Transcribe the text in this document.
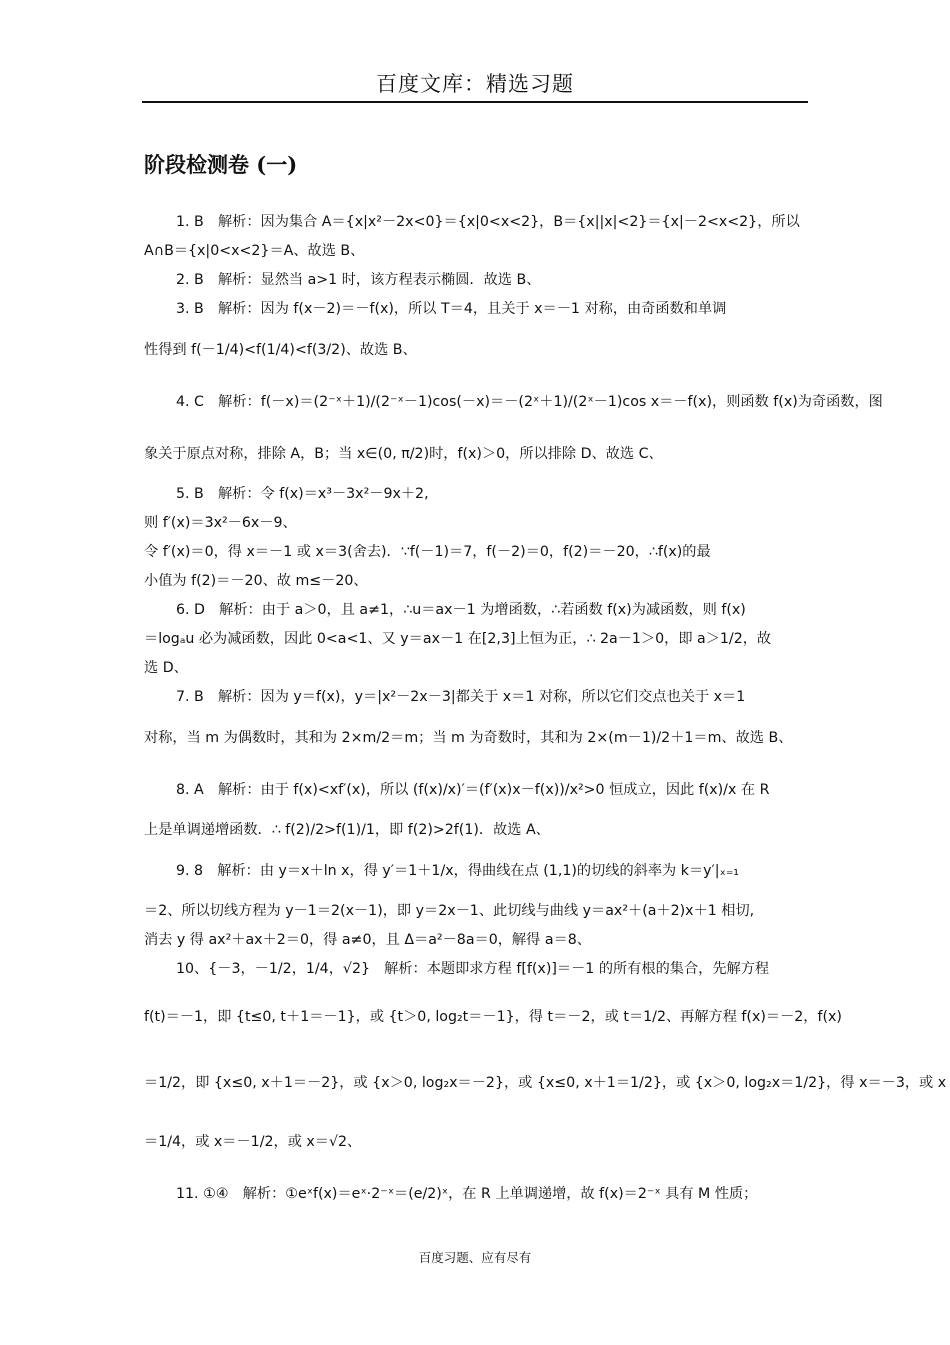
百度文库：精选习题
阶段检测卷 (一)
1. B　解析：因为集合 A＝{x|x²－2x<0}＝{x|0<x<2}，B＝{x||x|<2}＝{x|－2<x<2}，所以
A∩B＝{x|0<x<2}＝A、故选 B、
2. B　解析：显然当 a>1 时，该方程表示椭圆．故选 B、
3. B　解析：因为 f(x－2)＝－f(x)，所以 T＝4，且关于 x＝－1 对称，由奇函数和单调
性得到 f(－1/4)<f(1/4)<f(3/2)、故选 B、
4. C　解析：f(－x)＝(2⁻ˣ＋1)/(2⁻ˣ－1)cos(－x)＝－(2ˣ＋1)/(2ˣ－1)cos x＝－f(x)，则函数 f(x)为奇函数，图
象关于原点对称，排除 A，B；当 x∈(0, π/2)时，f(x)＞0，所以排除 D、故选 C、
5. B　解析：令 f(x)＝x³－3x²－9x＋2,
则 f′(x)＝3x²－6x－9、
令 f′(x)＝0，得 x＝－1 或 x＝3(舍去)．∵f(－1)＝7，f(－2)＝0，f(2)＝－20，∴f(x)的最
小值为 f(2)＝－20、故 m≤－20、
6. D　解析：由于 a＞0，且 a≠1，∴u＝ax－1 为增函数，∴若函数 f(x)为减函数，则 f(x)
＝logₐu 必为减函数，因此 0<a<1、又 y＝ax－1 在[2,3]上恒为正，∴ 2a－1＞0，即 a＞1/2，故
选 D、
7. B　解析：因为 y＝f(x)，y＝|x²－2x－3|都关于 x＝1 对称，所以它们交点也关于 x＝1
对称，当 m 为偶数时，其和为 2×m/2＝m；当 m 为奇数时，其和为 2×(m－1)/2＋1＝m、故选 B、
8. A　解析：由于 f(x)<xf′(x)，所以 (f(x)/x)′＝(f′(x)x－f(x))/x²>0 恒成立，因此 f(x)/x 在 R
上是单调递增函数．∴ f(2)/2>f(1)/1，即 f(2)>2f(1)．故选 A、
9. 8　解析：由 y＝x＋ln x，得 y′＝1＋1/x，得曲线在点 (1,1)的切线的斜率为 k＝y′|ₓ₌₁
＝2、所以切线方程为 y－1＝2(x－1)，即 y＝2x－1、此切线与曲线 y＝ax²＋(a＋2)x＋1 相切,
消去 y 得 ax²＋ax＋2＝0，得 a≠0，且 Δ＝a²－8a＝0，解得 a＝8、
10、{－3，－1/2，1/4，√2}　解析：本题即求方程 f[f(x)]＝－1 的所有根的集合，先解方程
f(t)＝－1，即 {t≤0, t＋1＝－1}，或 {t＞0, log₂t＝－1}，得 t＝－2，或 t＝1/2、再解方程 f(x)＝－2，f(x)
＝1/2，即 {x≤0, x＋1＝－2}，或 {x＞0, log₂x＝－2}，或 {x≤0, x＋1＝1/2}，或 {x＞0, log₂x＝1/2}，得 x＝－3，或 x
＝1/4，或 x＝－1/2，或 x＝√2、
11. ①④　解析：①eˣf(x)＝eˣ·2⁻ˣ＝(e/2)ˣ，在 R 上单调递增，故 f(x)＝2⁻ˣ 具有 M 性质；
百度习题、应有尽有
